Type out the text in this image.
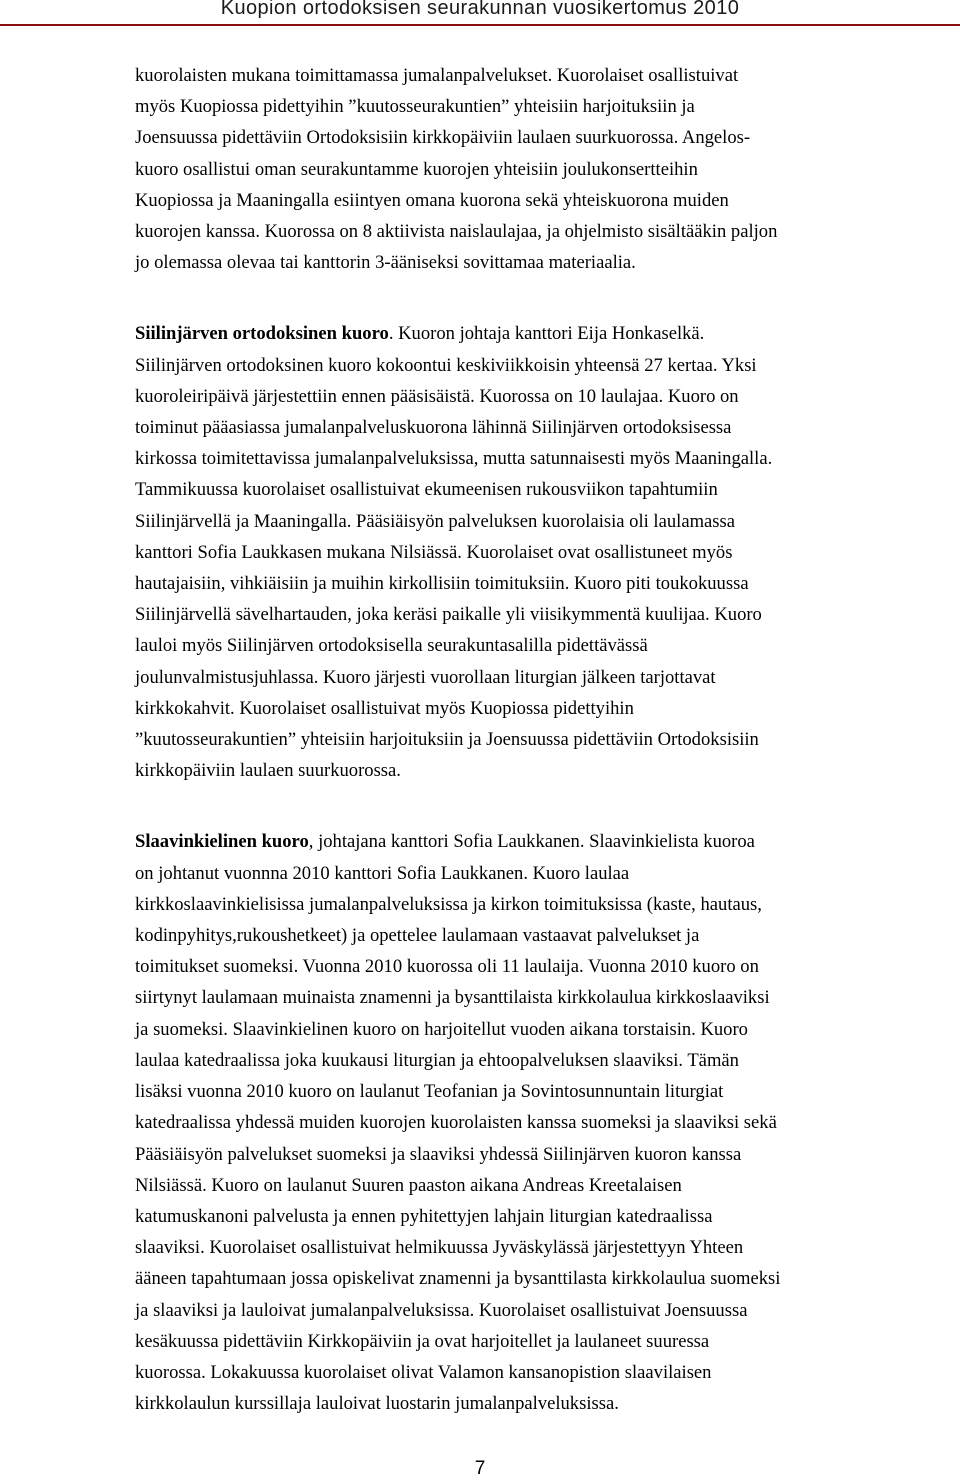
Kuopion ortodoksisen seurakunnan vuosikertomus 2010
kuorolaisten mukana toimittamassa jumalanpalvelukset. Kuorolaiset osallistuivat
myös Kuopiossa pidettyihin ”kuutosseurakuntien” yhteisiin harjoituksiin ja
Joensuussa pidettäviin Ortodoksisiin kirkkopäiviin laulaen suurkuorossa. Angelos-
kuoro osallistui oman seurakuntamme kuorojen yhteisiin joulukonsertteihin
Kuopiossa ja Maaningalla esiintyen omana kuorona sekä yhteiskuorona muiden
kuorojen kanssa. Kuorossa on 8 aktiivista naislaulajaa, ja ohjelmisto sisältääkin paljon
jo olemassa olevaa tai kanttorin 3-ääniseksi sovittamaa materiaalia.
Siilinjärven ortodoksinen kuoro. Kuoron johtaja kanttori Eija Honkaselkä.
Siilinjärven ortodoksinen kuoro kokoontui keskiviikkoisin yhteensä 27 kertaa. Yksi
kuoroleiripäivä järjestettiin ennen pääsisäistä. Kuorossa on 10 laulajaa. Kuoro on
toiminut pääasiassa jumalanpalveluskuorona lähinnä Siilinjärven ortodoksisessa
kirkossa toimitettavissa jumalanpalveluksissa, mutta satunnaisesti myös Maaningalla.
Tammikuussa kuorolaiset osallistuivat ekumeenisen rukousviikon tapahtumiin
Siilinjärvellä ja Maaningalla. Pääsiäisyön palveluksen kuorolaisia oli laulamassa
kanttori Sofia Laukkasen mukana Nilsiässä. Kuorolaiset ovat osallistuneet myös
hautajaisiin, vihkiäisiin ja muihin kirkollisiin toimituksiin. Kuoro piti toukokuussa
Siilinjärvellä sävelhartauden, joka keräsi paikalle yli viisikymmentä kuulijaa. Kuoro
lauloi myös Siilinjärven ortodoksisella seurakuntasalilla pidettävässä
joulunvalmistusjuhlassa. Kuoro järjesti vuorollaan liturgian jälkeen tarjottavat
kirkkokahvit. Kuorolaiset osallistuivat myös Kuopiossa pidettyihin
”kuutosseurakuntien” yhteisiin harjoituksiin ja Joensuussa pidettäviin Ortodoksisiin
kirkkopäiviin laulaen suurkuorossa.
Slaavinkielinen kuoro, johtajana kanttori Sofia Laukkanen. Slaavinkielista kuoroa
on johtanut vuonnna 2010 kanttori Sofia Laukkanen. Kuoro laulaa
kirkkoslaavinkielisissa jumalanpalveluksissa ja kirkon toimituksissa (kaste, hautaus,
kodinpyhitys,rukoushetkeet) ja opettelee laulamaan vastaavat palvelukset ja
toimitukset suomeksi. Vuonna 2010 kuorossa oli 11 laulaija. Vuonna 2010 kuoro on
siirtynyt laulamaan muinaista znamenni ja bysanttilaista kirkkolaulua kirkkoslaaviksi
ja suomeksi. Slaavinkielinen kuoro on harjoitellut vuoden aikana torstaisin. Kuoro
laulaa katedraalissa joka kuukausi liturgian ja ehtoopalveluksen slaaviksi. Tämän
lisäksi vuonna 2010 kuoro on laulanut Teofanian ja Sovintosunnuntain liturgiat
katedraalissa yhdessä muiden kuorojen kuorolaisten kanssa suomeksi ja slaaviksi sekä
Pääsiäisyön palvelukset suomeksi ja slaaviksi yhdessä Siilinjärven kuoron kanssa
Nilsiässä. Kuoro on laulanut Suuren paaston aikana Andreas Kreetalaisen
katumuskanoni palvelusta ja ennen pyhitettyjen lahjain liturgian katedraalissa
slaaviksi. Kuorolaiset osallistuivat helmikuussa Jyväskylässä järjestettyyn Yhteen
ääneen tapahtumaan jossa opiskelivat znamenni ja bysanttilasta kirkkolaulua suomeksi
ja slaaviksi ja lauloivat jumalanpalveluksissa. Kuorolaiset osallistuivat Joensuussa
kesäkuussa pidettäviin Kirkkopäiviin ja ovat harjoitellet ja laulaneet suuressa
kuorossa. Lokakuussa kuorolaiset olivat Valamon kansanopistion slaavilaisen
kirkkolaulun kurssillaja lauloivat luostarin jumalanpalveluksissa.
7
